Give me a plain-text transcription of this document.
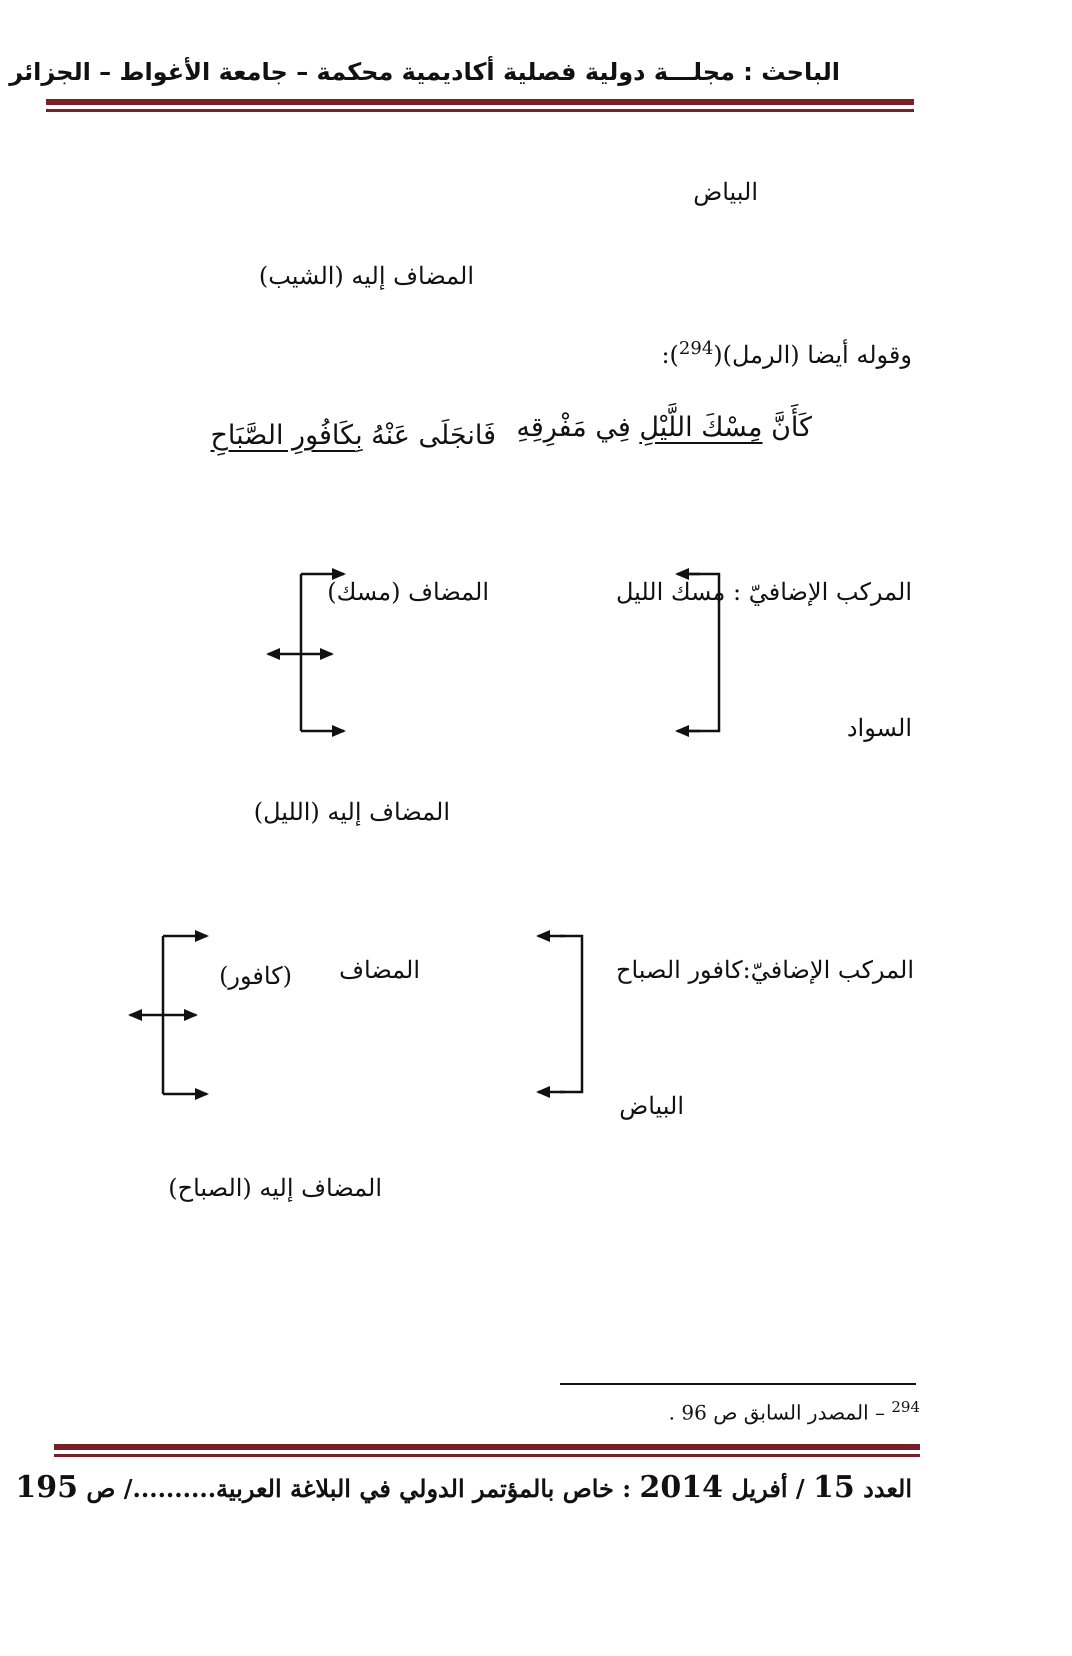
الباحث : مجلـــة دولية فصلية أكاديمية محكمة – جامعة الأغواط – الجزائر
البياض
المضاف إليه (الشيب)
وقوله أيضا (الرمل)($^{294}$):
كَأَنَّ مِسْكَ اللَّيْلِ فِي مَفْرِقِهِ
فَانجَلَى عَنْهُ بِكَافُورِ الصَّبَاحِ
المركب الإضافيّ : مسك الليل
المضاف (مسك)
السواد
المضاف إليه (الليل)
المركب الإضافيّ:كافور الصباح
المضاف
(كافور)
البياض
المضاف إليه (الصباح)
$^{294}$ – المصدر السابق ص 96 .
العدد 15 / أفريل 2014 : خاص بالمؤتمر الدولي في البلاغة العربية........../ ص 195
